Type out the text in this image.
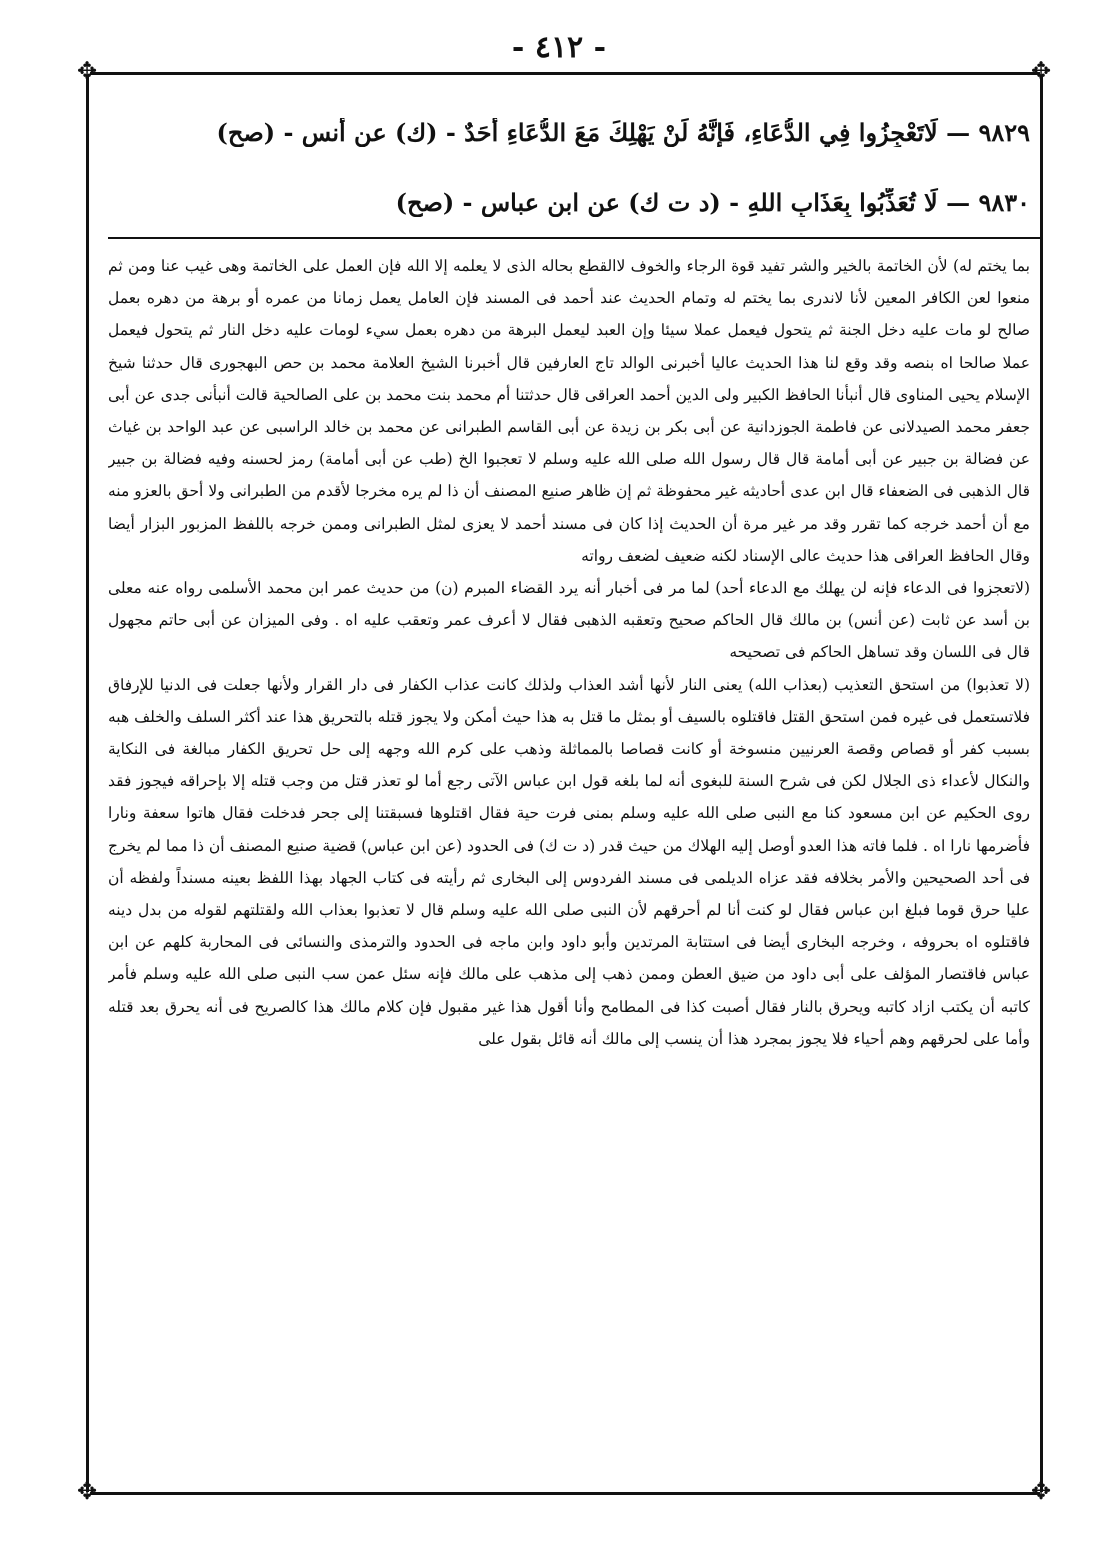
- ٤١٢ -
✥	✥
✥	✥
٩٨٢٩ — لَاتَعْجِزُوا فِي الدُّعَاءِ، فَإِنَّهُ لَنْ يَهْلِكَ مَعَ الدُّعَاءِ أَحَدٌ - (ك) عن أنس - (صح)
٩٨٣٠ — لَا تُعَذِّبُوا بِعَذَابِ اللهِ - (د ت ك) عن ابن عباس - (صح)

بما يختم له) لأن الخاتمة بالخير والشر تفيد قوة الرجاء والخوف لاالقطع بحاله الذى لا يعلمه إلا الله فإن العمل على الخاتمة وهى غيب عنا ومن ثم منعوا لعن الكافر المعين لأنا لاندرى بما يختم له وتمام الحديث عند أحمد فى المسند فإن العامل يعمل زمانا من عمره أو برهة من دهره بعمل صالح لو مات عليه دخل الجنة ثم يتحول فيعمل عملا سيئا وإن العبد ليعمل البرهة من دهره بعمل سيء لومات عليه دخل النار ثم يتحول فيعمل عملا صالحا اه بنصه وقد وقع لنا هذا الحديث عاليا أخبرنى الوالد تاج العارفين قال أخبرنا الشيخ العلامة محمد بن حص البهجورى قال حدثنا شيخ الإسلام يحيى المناوى قال أنبأنا الحافظ الكبير ولى الدين أحمد العراقى قال حدثتنا أم محمد بنت محمد بن على الصالحية قالت أنبأنى جدى عن أبى جعفر محمد الصيدلانى عن فاطمة الجوزدانية عن أبى بكر بن زيدة عن أبى القاسم الطبرانى عن محمد بن خالد الراسبى عن عبد الواحد بن غياث عن فضالة بن جبير عن أبى أمامة قال قال رسول الله صلى الله عليه وسلم لا تعجبوا الخ (طب عن أبى أمامة) رمز لحسنه وفيه فضالة بن جبير قال الذهبى فى الضعفاء قال ابن عدى أحاديثه غير محفوظة ثم إن ظاهر صنيع المصنف أن ذا لم يره مخرجا لأقدم من الطبرانى ولا أحق بالعزو منه مع أن أحمد خرجه كما تقرر وقد مر غير مرة أن الحديث إذا كان فى مسند أحمد لا يعزى لمثل الطبرانى وممن خرجه باللفظ المزبور البزار أيضا وقال الحافظ العراقى هذا حديث عالى الإسناد لكنه ضعيف لضعف رواته

(لاتعجزوا فى الدعاء فإنه لن يهلك مع الدعاء أحد) لما مر فى أخبار أنه يرد القضاء المبرم (ن) من حديث عمر ابن محمد الأسلمى رواه عنه معلى بن أسد عن ثابت (عن أنس) بن مالك قال الحاكم صحيح وتعقبه الذهبى فقال لا أعرف عمر وتعقب عليه اه . وفى الميزان عن أبى حاتم مجهول قال فى اللسان وقد تساهل الحاكم فى تصحيحه

(لا تعذبوا) من استحق التعذيب (بعذاب الله) يعنى النار لأنها أشد العذاب ولذلك كانت عذاب الكفار فى دار القرار ولأنها جعلت فى الدنيا للإرفاق فلاتستعمل فى غيره فمن استحق القتل فاقتلوه بالسيف أو بمثل ما قتل به هذا حيث أمكن ولا يجوز قتله بالتحريق هذا عند أكثر السلف والخلف هبه بسبب كفر أو قصاص وقصة العرنيين منسوخة أو كانت قصاصا بالمماثلة وذهب على كرم الله وجهه إلى حل تحريق الكفار مبالغة فى النكاية والنكال لأعداء ذى الجلال لكن فى شرح السنة للبغوى أنه لما بلغه قول ابن عباس الآتى رجع أما لو تعذر قتل من وجب قتله إلا بإحراقه فيجوز فقد روى الحكيم عن ابن مسعود كنا مع النبى صلى الله عليه وسلم بمنى فرت حية فقال اقتلوها فسبقتنا إلى جحر فدخلت فقال هاتوا سعفة ونارا فأضرمها نارا اه . فلما فاته هذا العدو أوصل إليه الهلاك من حيث قدر (د ت ك) فى الحدود (عن ابن عباس) قضية صنيع المصنف أن ذا مما لم يخرج فى أحد الصحيحين والأمر بخلافه فقد عزاه الديلمى فى مسند الفردوس إلى البخارى ثم رأيته فى كتاب الجهاد بهذا اللفظ بعينه مسنداً ولفظه أن عليا حرق قوما فبلغ ابن عباس فقال لو كنت أنا لم أحرقهم لأن النبى صلى الله عليه وسلم قال لا تعذبوا بعذاب الله ولقتلتهم لقوله من بدل دينه فاقتلوه اه بحروفه ، وخرجه البخارى أيضا فى استتابة المرتدين وأبو داود وابن ماجه فى الحدود والترمذى والنسائى فى المحاربة كلهم عن ابن عباس فاقتصار المؤلف على أبى داود من ضيق العطن وممن ذهب إلى مذهب على مالك فإنه سئل عمن سب النبى صلى الله عليه وسلم فأمر كاتبه أن يكتب ازاد كاتبه ويحرق بالنار فقال أصبت كذا فى المطامح وأنا أقول هذا غير مقبول فإن كلام مالك هذا كالصريح فى أنه يحرق بعد قتله وأما على لحرقهم وهم أحياء فلا يجوز بمجرد هذا أن ينسب إلى مالك أنه قائل بقول على
